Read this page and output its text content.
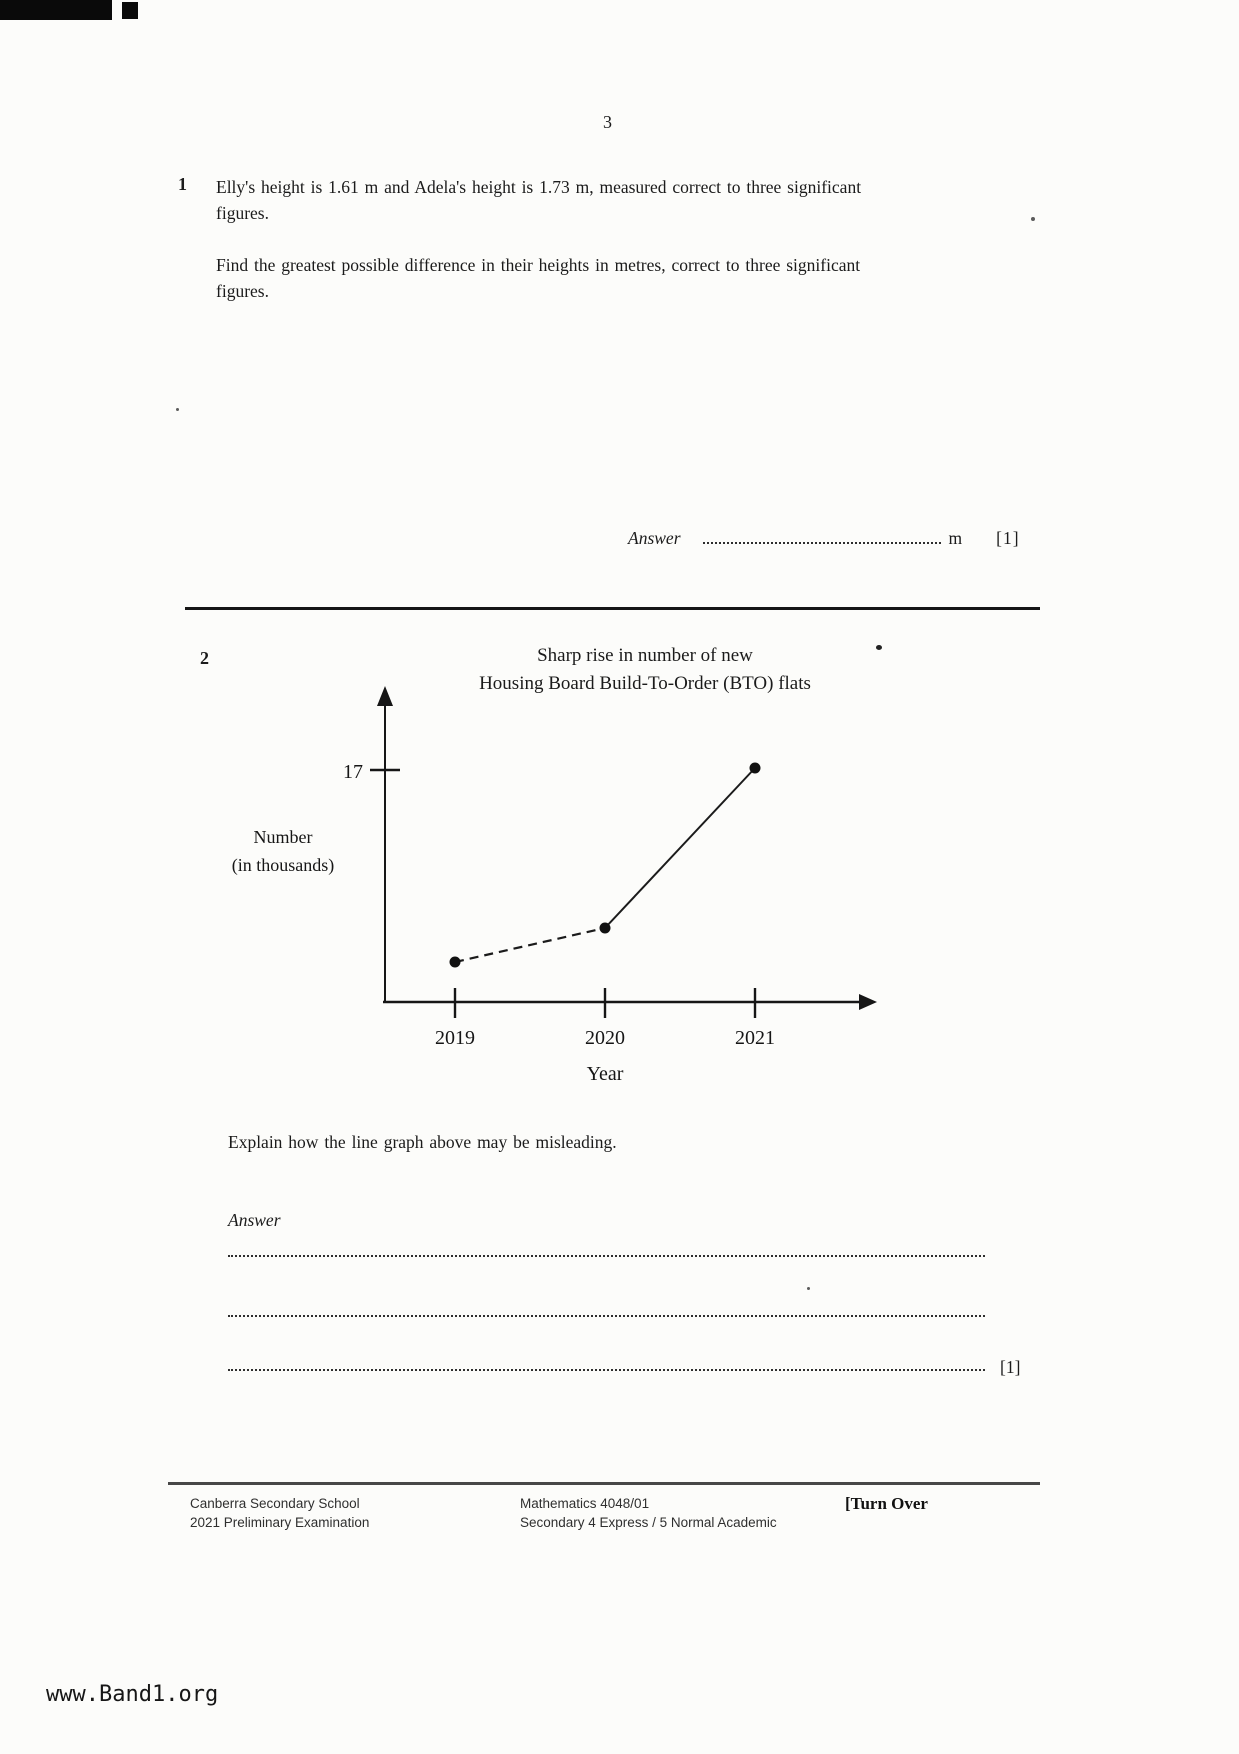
3
1	Elly's height is 1.61 m and Adela's height is 1.73 m, measured correct to three significant figures.

Find the greatest possible difference in their heights in metres, correct to three significant figures.

Answer	m [1]
2	Sharp rise in number of new
Housing Board Build-To-Order (BTO) flats
17
Number
(in thousands)
2019	2020	2021
Year
Explain how the line graph above may be misleading.
Answer
[1]
Canberra Secondary School
2021 Preliminary Examination
Mathematics 4048/01
Secondary 4 Express / 5 Normal Academic
[Turn Over
www.Band1.org
